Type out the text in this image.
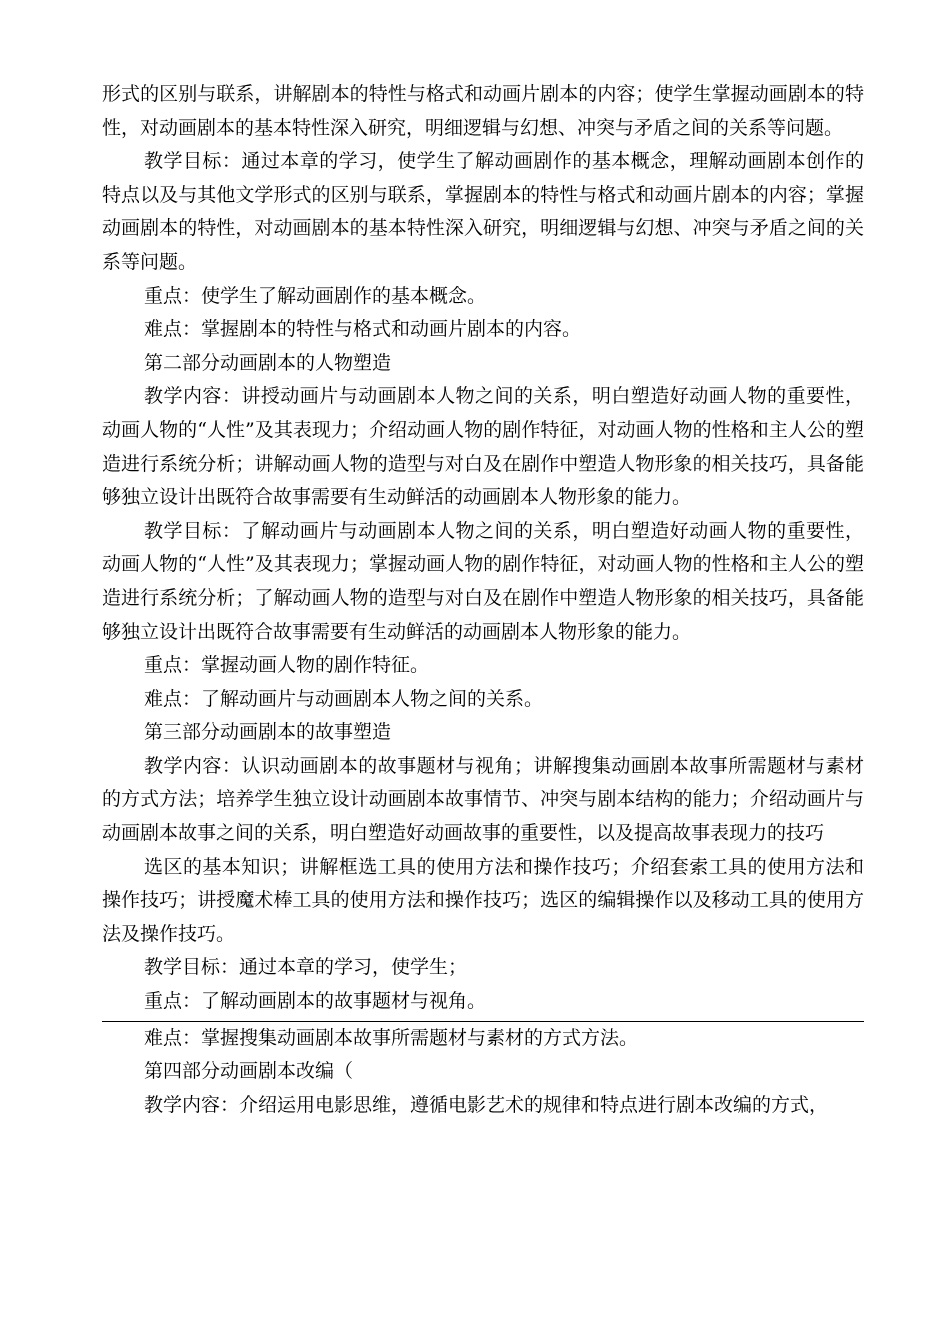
形式的区别与联系，讲解剧本的特性与格式和动画片剧本的内容；使学生掌握动画剧本的特性，对动画剧本的基本特性深入研究，明细逻辑与幻想、冲突与矛盾之间的关系等问题。

教学目标：通过本章的学习，使学生了解动画剧作的基本概念，理解动画剧本创作的特点以及与其他文学形式的区别与联系，掌握剧本的特性与格式和动画片剧本的内容；掌握动画剧本的特性，对动画剧本的基本特性深入研究，明细逻辑与幻想、冲突与矛盾之间的关系等问题。

重点：使学生了解动画剧作的基本概念。

难点：掌握剧本的特性与格式和动画片剧本的内容。

第二部分动画剧本的人物塑造

教学内容：讲授动画片与动画剧本人物之间的关系，明白塑造好动画人物的重要性，动画人物的“人性”及其表现力；介绍动画人物的剧作特征，对动画人物的性格和主人公的塑造进行系统分析；讲解动画人物的造型与对白及在剧作中塑造人物形象的相关技巧，具备能够独立设计出既符合故事需要有生动鲜活的动画剧本人物形象的能力。

教学目标：了解动画片与动画剧本人物之间的关系，明白塑造好动画人物的重要性，动画人物的“人性”及其表现力；掌握动画人物的剧作特征，对动画人物的性格和主人公的塑造进行系统分析；了解动画人物的造型与对白及在剧作中塑造人物形象的相关技巧，具备能够独立设计出既符合故事需要有生动鲜活的动画剧本人物形象的能力。

重点：掌握动画人物的剧作特征。

难点：了解动画片与动画剧本人物之间的关系。

第三部分动画剧本的故事塑造

教学内容：认识动画剧本的故事题材与视角；讲解搜集动画剧本故事所需题材与素材的方式方法；培养学生独立设计动画剧本故事情节、冲突与剧本结构的能力；介绍动画片与动画剧本故事之间的关系，明白塑造好动画故事的重要性，以及提高故事表现力的技巧

选区的基本知识；讲解框选工具的使用方法和操作技巧；介绍套索工具的使用方法和操作技巧；讲授魔术棒工具的使用方法和操作技巧；选区的编辑操作以及移动工具的使用方法及操作技巧。

教学目标：通过本章的学习，使学生；

重点：了解动画剧本的故事题材与视角。

难点：掌握搜集动画剧本故事所需题材与素材的方式方法。

第四部分动画剧本改编（

教学内容：介绍运用电影思维，遵循电影艺术的规律和特点进行剧本改编的方式，
